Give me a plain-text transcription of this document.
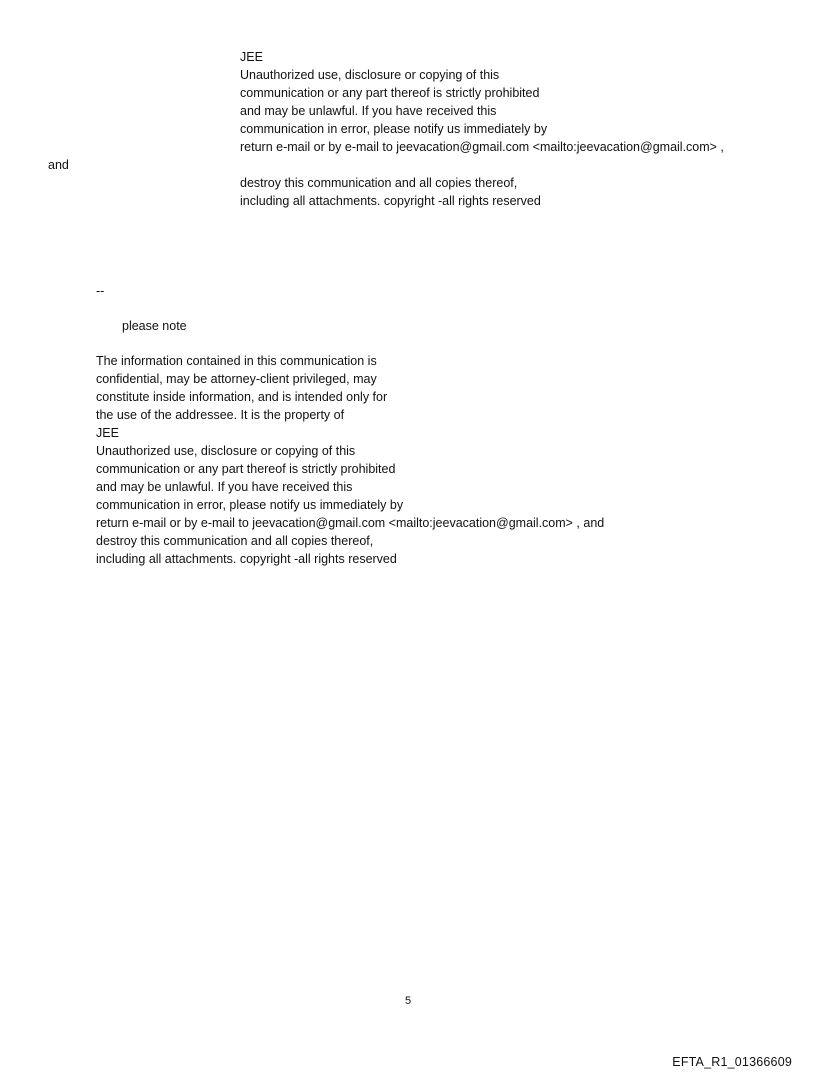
JEE
Unauthorized use, disclosure or copying of this
communication or any part thereof is strictly prohibited
and may be unlawful. If you have received this
communication in error, please notify us immediately by
return e-mail or by e-mail to jeevacation@gmail.com <mailto:jeevacation@gmail.com> ,
destroy this communication and all copies thereof,
including all attachments. copyright -all rights reserved
and
--
please note
The information contained in this communication is
confidential, may be attorney-client privileged, may
constitute inside information, and is intended only for
the use of the addressee. It is the property of
JEE
Unauthorized use, disclosure or copying of this
communication or any part thereof is strictly prohibited
and may be unlawful. If you have received this
communication in error, please notify us immediately by
return e-mail or by e-mail to jeevacation@gmail.com <mailto:jeevacation@gmail.com> , and
destroy this communication and all copies thereof,
including all attachments. copyright -all rights reserved
5
EFTA_R1_01366609
